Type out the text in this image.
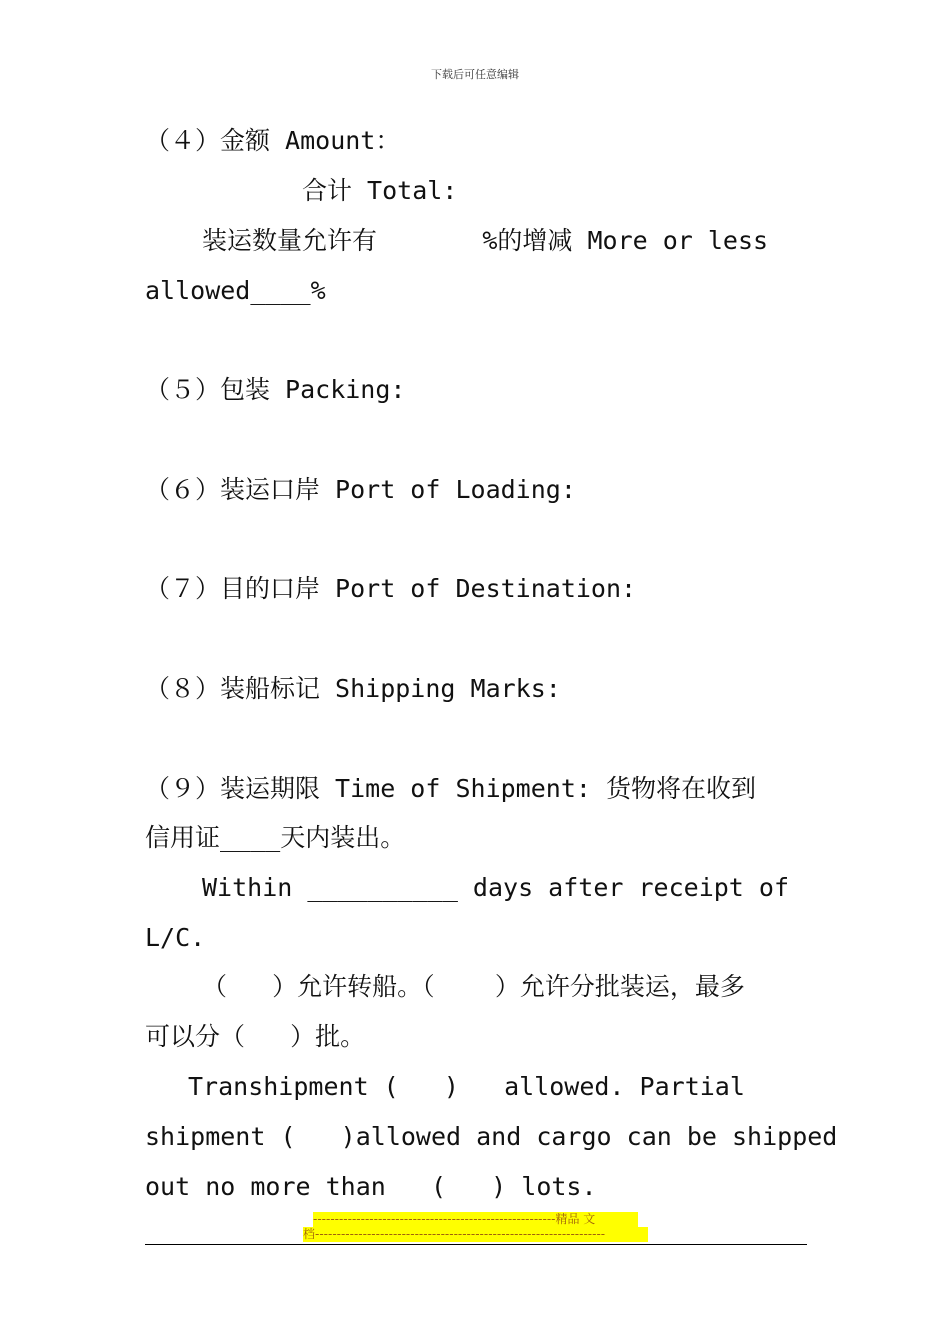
下载后可任意编辑
（４）金额 Amount：
合计 Total:
装运数量允许有       %的增减 More or less
allowed____%
（５）包装 Packing:
（６）装运口岸 Port of Loading:
（７）目的口岸 Port of Destination:
（８）装船标记 Shipping Marks:
（９）装运期限 Time of Shipment: 货物将在收到
信用证____天内装出。
Within __________ days after receipt of
L/C.
（   ）允许转船。（    ）允许分批装运，最多
可以分（   ）批。
Transhipment (   )   allowed. Partial
shipment (   )allowed and cargo can be shipped
out no more than   (   ) lots.
--------------------------------------------------------精品 文
档-------------------------------------------------------------------
